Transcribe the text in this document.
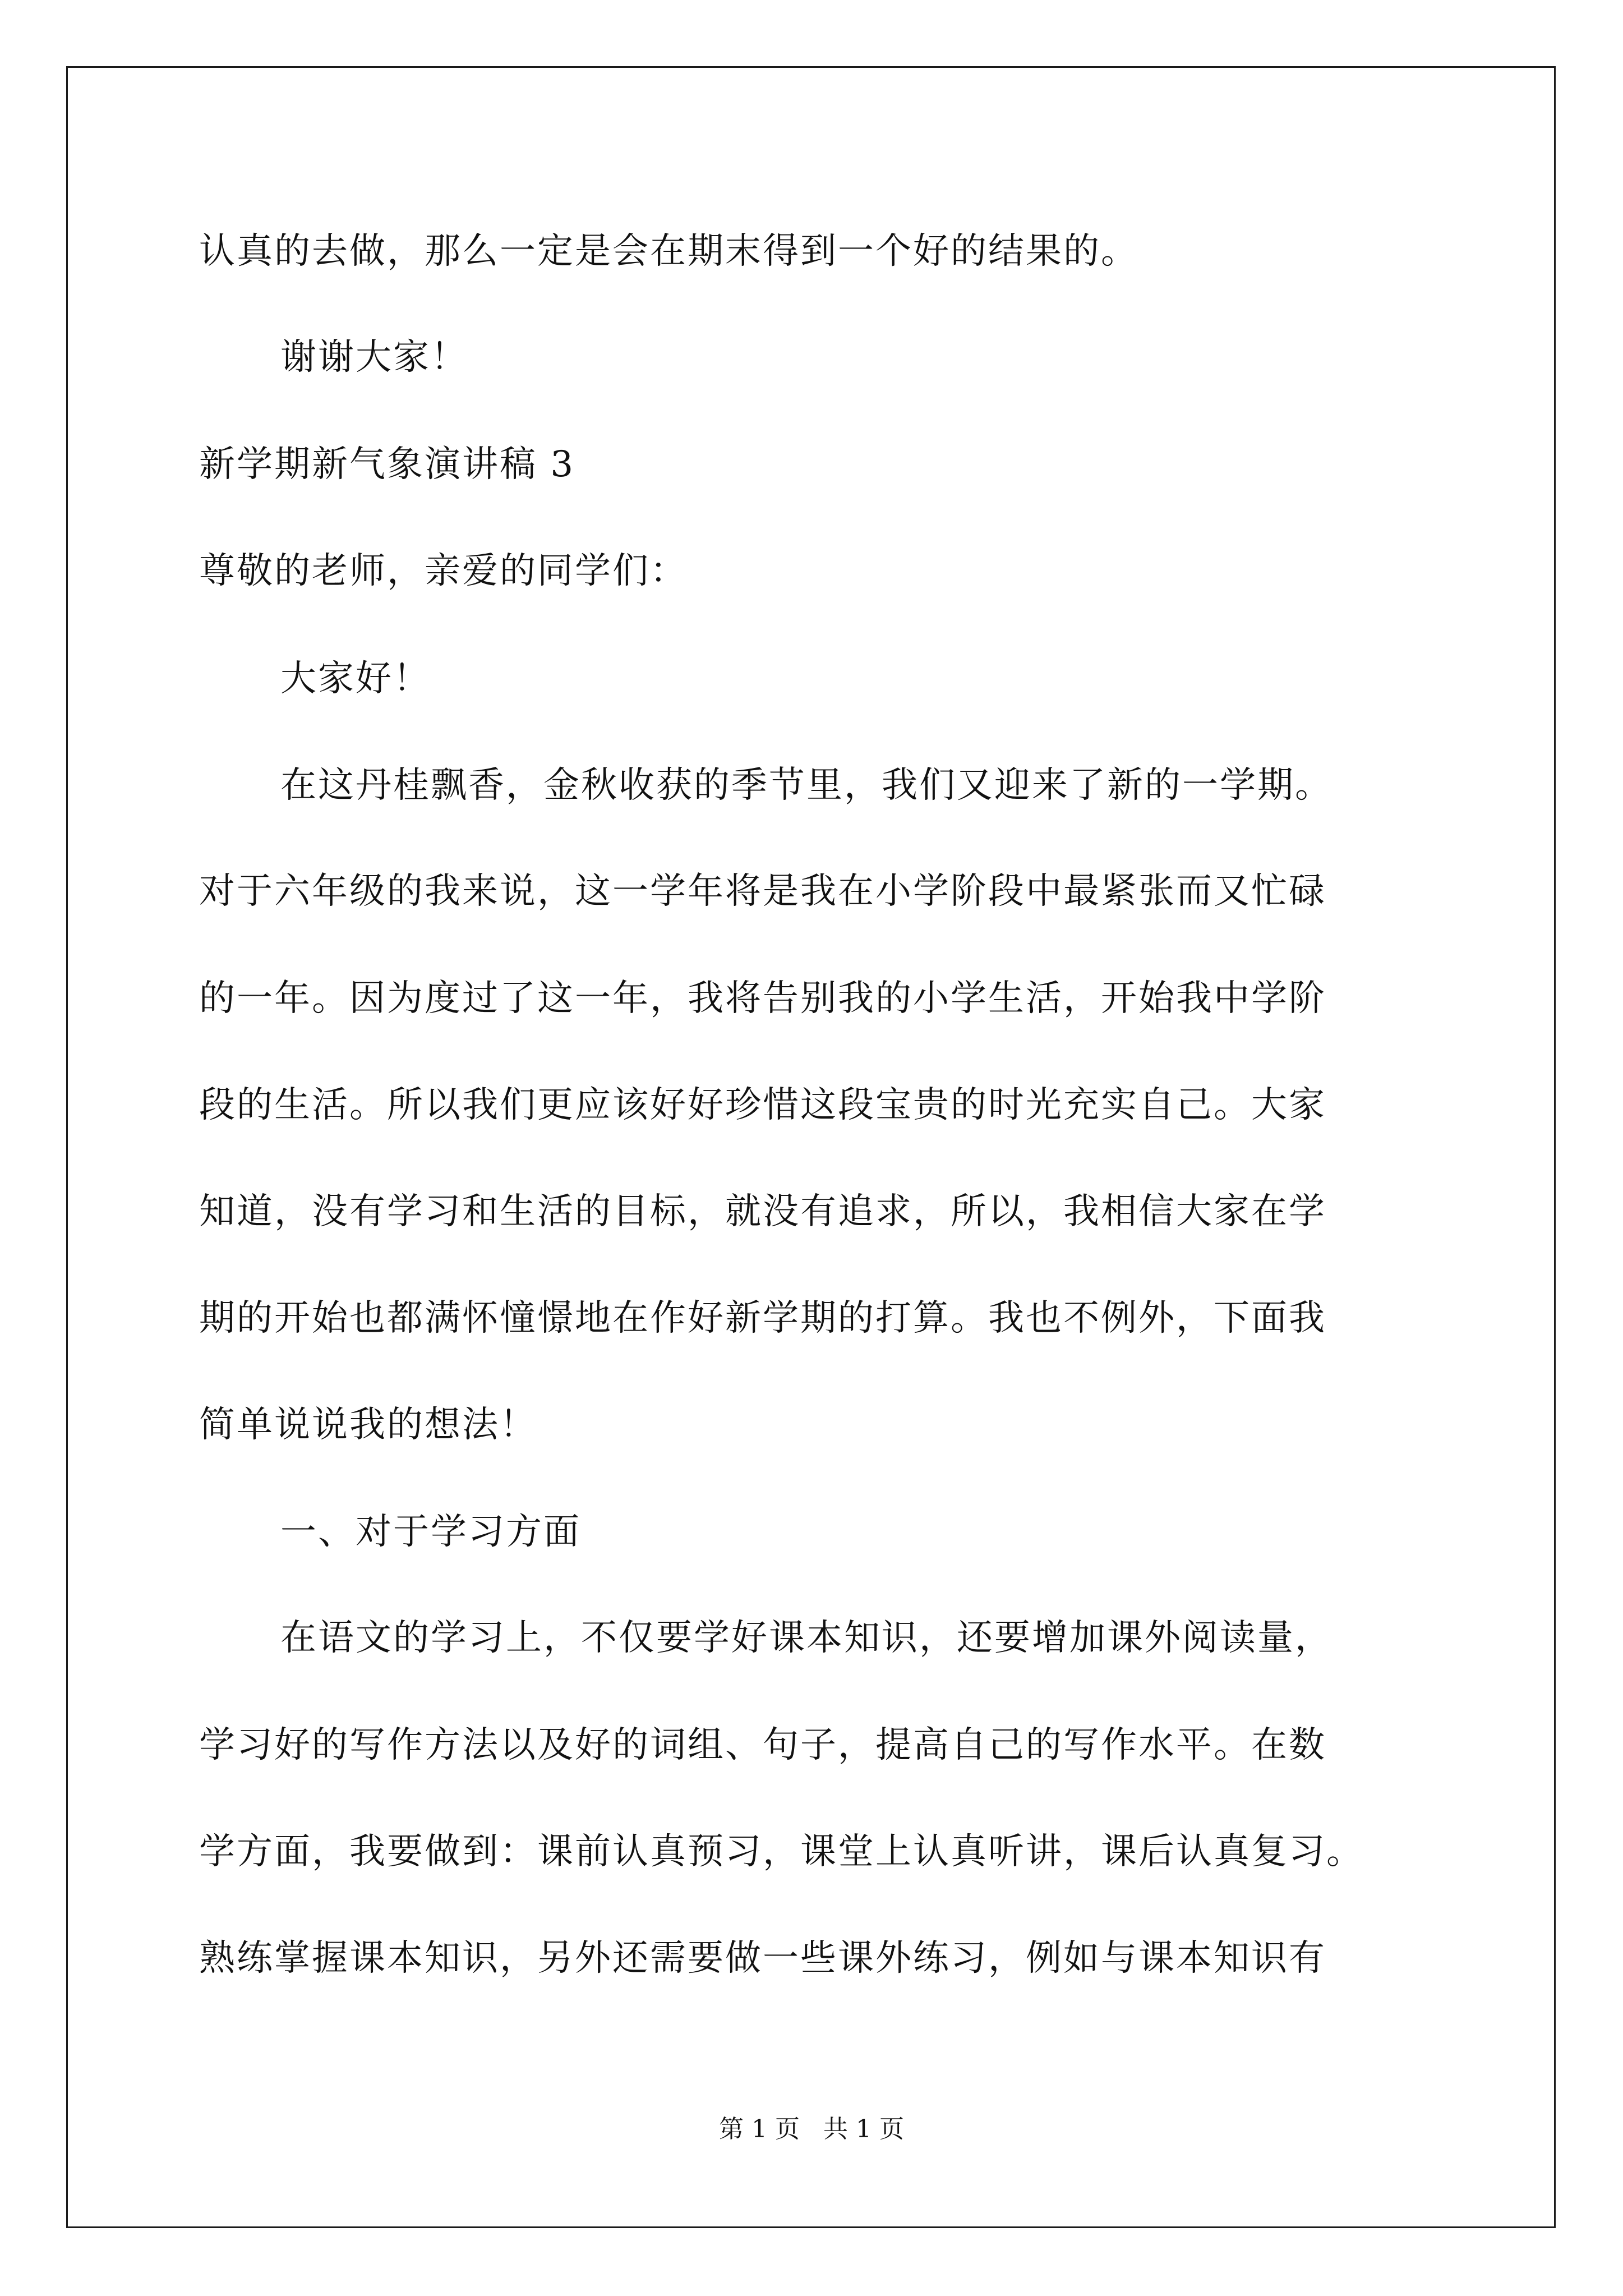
认真的去做，那么一定是会在期末得到一个好的结果的。
谢谢大家！
新学期新气象演讲稿 3
尊敬的老师，亲爱的同学们：
大家好！
在这丹桂飘香，金秋收获的季节里，我们又迎来了新的一学期。
对于六年级的我来说，这一学年将是我在小学阶段中最紧张而又忙碌
的一年。因为度过了这一年，我将告别我的小学生活，开始我中学阶
段的生活。所以我们更应该好好珍惜这段宝贵的时光充实自己。大家
知道，没有学习和生活的目标，就没有追求，所以，我相信大家在学
期的开始也都满怀憧憬地在作好新学期的打算。我也不例外，下面我
简单说说我的想法！
一、对于学习方面
在语文的学习上，不仅要学好课本知识，还要增加课外阅读量，
学习好的写作方法以及好的词组、句子，提高自己的写作水平。在数
学方面，我要做到：课前认真预习，课堂上认真听讲，课后认真复习。
熟练掌握课本知识，另外还需要做一些课外练习，例如与课本知识有
第 1 页   共 1 页
